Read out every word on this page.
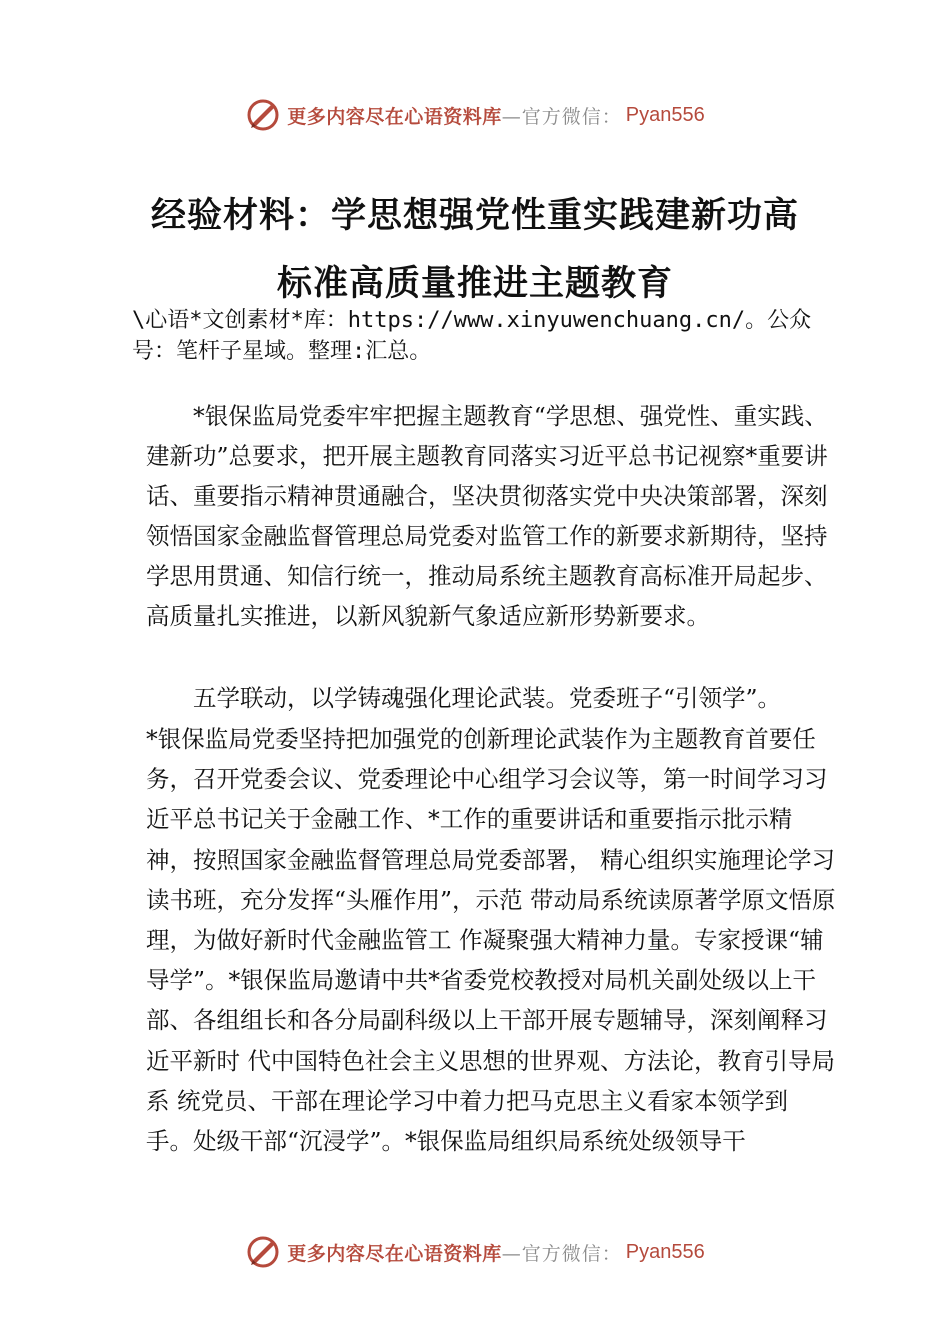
更多内容尽在心语资料库 —官方微信： Pyan556
经验材料：学思想强党性重实践建新功高
标准高质量推进主题教育
\心语*文创素材*库：https://www.xinyuwenchuang.cn/。公众号：笔杆子星域。整理:汇总。
*银保监局党委牢牢把握主题教育“学思想、强党性、重实践、建新功”总要求，把开展主题教育同落实习近平总书记视察*重要讲话、重要指示精神贯通融合，坚决贯彻落实党中央决策部署，深刻领悟国家金融监督管理总局党委对监管工作的新要求新期待，坚持学思用贯通、知信行统一，推动局系统主题教育高标准开局起步、高质量扎实推进，以新风貌新气象适应新形势新要求。
五学联动，以学铸魂强化理论武装。党委班子“引领学”。
*银保监局党委坚持把加强党的创新理论武装作为主题教育首要任务，召开党委会议、党委理论中心组学习会议等，第一时间学习习近平总书记关于金融工作、*工作的重要讲话和重要指示批示精神，按照国家金融监督管理总局党委部署， 精心组织实施理论学习读书班，充分发挥“头雁作用”，示范 带动局系统读原著学原文悟原理，为做好新时代金融监管工 作凝聚强大精神力量。专家授课“辅导学”。*银保监局邀请中共*省委党校教授对局机关副处级以上干部、各组组长和各分局副科级以上干部开展专题辅导，深刻阐释习近平新时 代中国特色社会主义思想的世界观、方法论，教育引导局系 统党员、干部在理论学习中着力把马克思主义看家本领学到 手。处级干部“沉浸学”。*银保监局组织局系统处级领导干
更多内容尽在心语资料库 —官方微信： Pyan556
